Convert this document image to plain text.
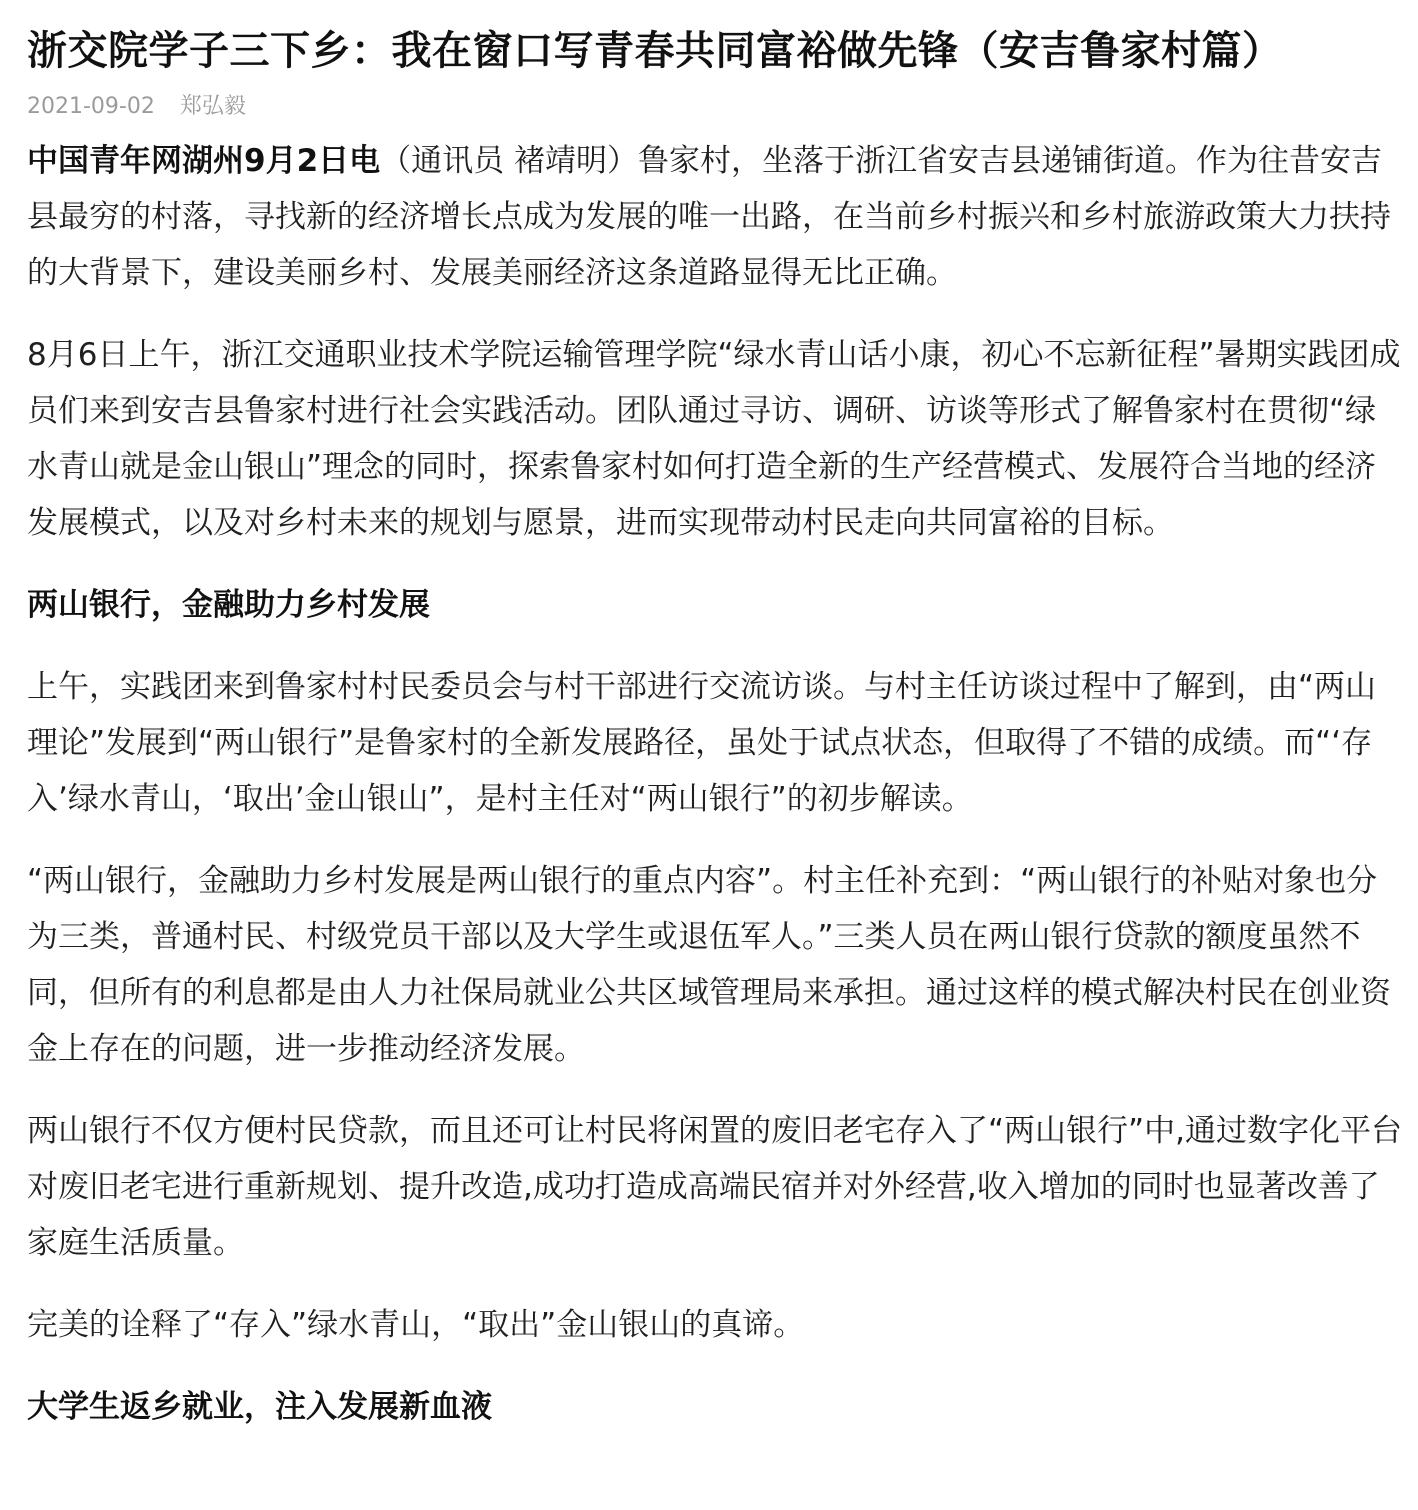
浙交院学子三下乡：我在窗口写青春共同富裕做先锋（安吉鲁家村篇）
2021-09-02 郑弘毅

中国青年网湖州9月2日电（通讯员 褚靖明）鲁家村，坐落于浙江省安吉县递铺街道。作为往昔安吉县最穷的村落，寻找新的经济增长点成为发展的唯一出路，在当前乡村振兴和乡村旅游政策大力扶持的大背景下，建设美丽乡村、发展美丽经济这条道路显得无比正确。

8月6日上午，浙江交通职业技术学院运输管理学院“绿水青山话小康，初心不忘新征程”暑期实践团成员们来到安吉县鲁家村进行社会实践活动。团队通过寻访、调研、访谈等形式了解鲁家村在贯彻“绿水青山就是金山银山”理念的同时，探索鲁家村如何打造全新的生产经营模式、发展符合当地的经济发展模式，以及对乡村未来的规划与愿景，进而实现带动村民走向共同富裕的目标。

两山银行，金融助力乡村发展

上午，实践团来到鲁家村村民委员会与村干部进行交流访谈。与村主任访谈过程中了解到，由“两山理论”发展到“两山银行”是鲁家村的全新发展路径，虽处于试点状态，但取得了不错的成绩。而“‘存入’绿水青山，‘取出’金山银山”，是村主任对“两山银行”的初步解读。

“两山银行，金融助力乡村发展是两山银行的重点内容”。村主任补充到：“两山银行的补贴对象也分为三类，普通村民、村级党员干部以及大学生或退伍军人。”三类人员在两山银行贷款的额度虽然不同，但所有的利息都是由人力社保局就业公共区域管理局来承担。通过这样的模式解决村民在创业资金上存在的问题，进一步推动经济发展。

两山银行不仅方便村民贷款，而且还可让村民将闲置的废旧老宅存入了“两山银行”中,通过数字化平台对废旧老宅进行重新规划、提升改造,成功打造成高端民宿并对外经营,收入增加的同时也显著改善了家庭生活质量。

完美的诠释了“存入”绿水青山，“取出”金山银山的真谛。

大学生返乡就业，注入发展新血液
